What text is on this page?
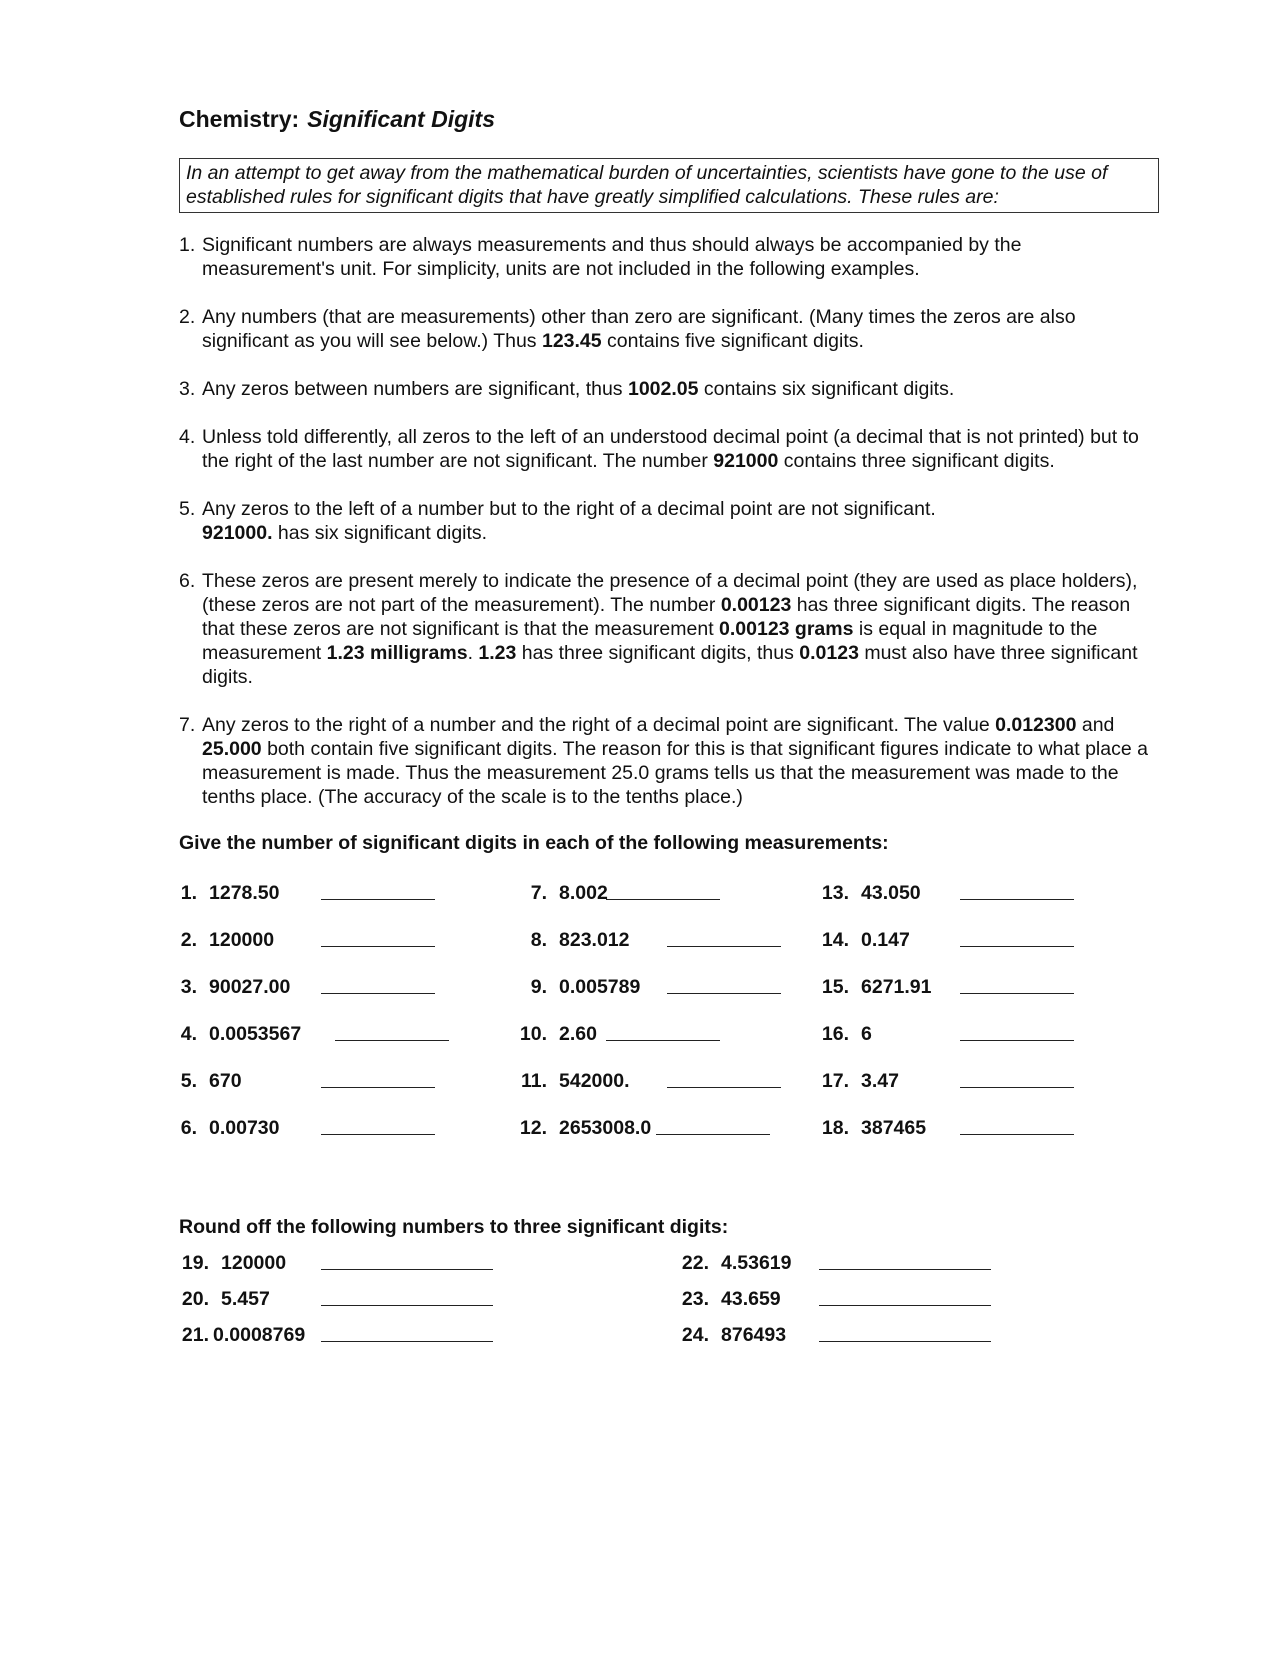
Chemistry: Significant Digits
In an attempt to get away from the mathematical burden of uncertainties, scientists have gone to the use of established rules for significant digits that have greatly simplified calculations. These rules are:
1. Significant numbers are always measurements and thus should always be accompanied by the measurement's unit. For simplicity, units are not included in the following examples.
2. Any numbers (that are measurements) other than zero are significant. (Many times the zeros are also significant as you will see below.) Thus 123.45 contains five significant digits.
3. Any zeros between numbers are significant, thus 1002.05 contains six significant digits.
4. Unless told differently, all zeros to the left of an understood decimal point (a decimal that is not printed) but to the right of the last number are not significant. The number 921000 contains three significant digits.
5. Any zeros to the left of a number but to the right of a decimal point are not significant.
921000. has six significant digits.
6. These zeros are present merely to indicate the presence of a decimal point (they are used as place holders), (these zeros are not part of the measurement). The number 0.00123 has three significant digits. The reason that these zeros are not significant is that the measurement 0.00123 grams is equal in magnitude to the measurement 1.23 milligrams. 1.23 has three significant digits, thus 0.0123 must also have three significant digits.
7. Any zeros to the right of a number and the right of a decimal point are significant. The value 0.012300 and 25.000 both contain five significant digits. The reason for this is that significant figures indicate to what place a measurement is made. Thus the measurement 25.0 grams tells us that the measurement was made to the tenths place. (The accuracy of the scale is to the tenths place.)
Give the number of significant digits in each of the following measurements:
1. 1278.50
2. 120000
3. 90027.00
4. 0.0053567
5. 670
6. 0.00730
7. 8.002
8. 823.012
9. 0.005789
10. 2.60
11. 542000.
12. 2653008.0
13. 43.050
14. 0.147
15. 6271.91
16. 6
17. 3.47
18. 387465
Round off the following numbers to three significant digits:
19. 120000
20. 5.457
21. 0.0008769
22. 4.53619
23. 43.659
24. 876493
